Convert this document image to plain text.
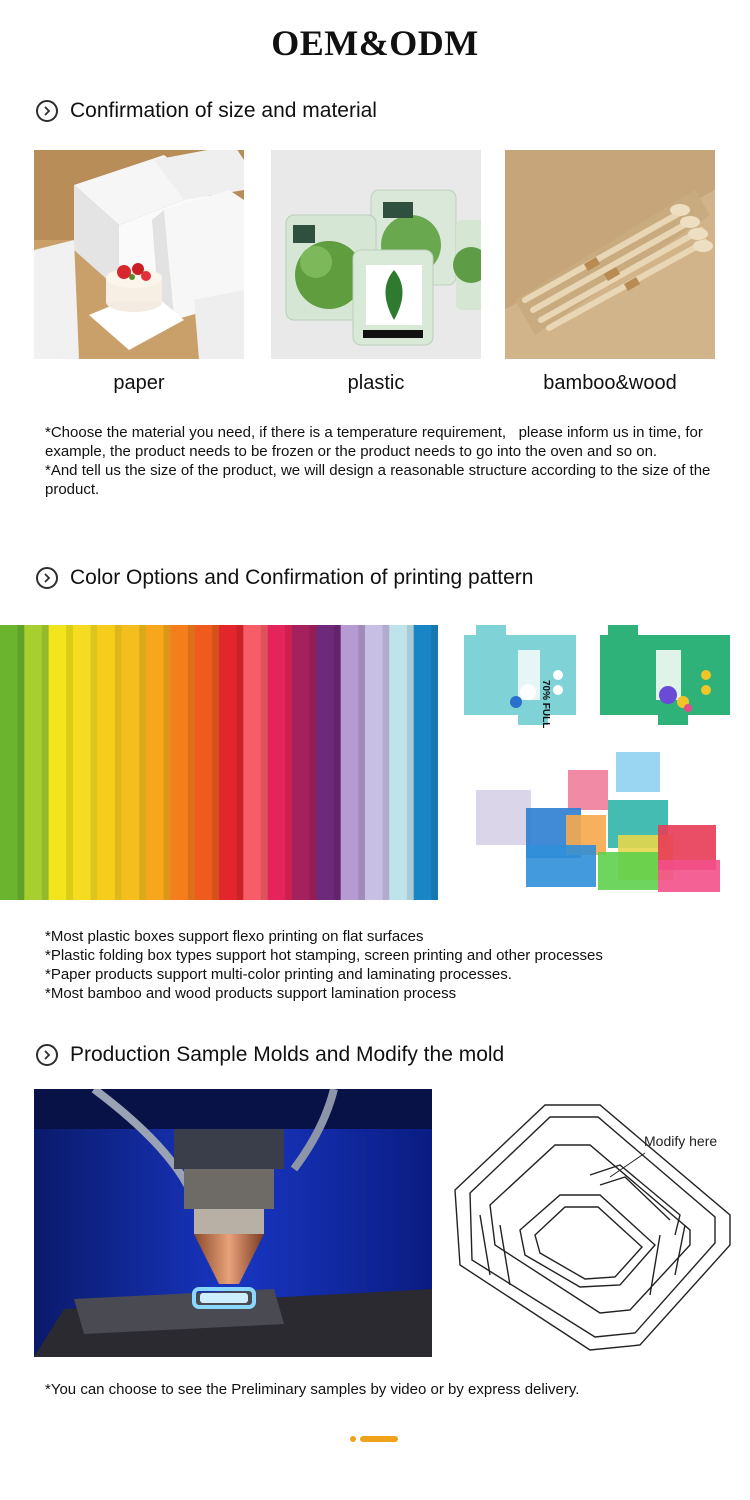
OEM&ODM
Confirmation of size and material
paper	plastic	bamboo&wood

*Choose the material you need, if there is a temperature requirement,   please inform us in time, for example, the product needs to be frozen or the product needs to go into the oven and so on.

*And tell us the size of the product, we will design a reasonable structure according to the size of the product.

Color Options and Confirmation of printing pattern
70% FULL

*Most plastic boxes support flexo printing on flat surfaces

*Plastic folding box types support hot stamping, screen printing and other processes

*Paper products support multi-color printing and laminating processes.

*Most bamboo and wood products support lamination process

Production Sample Molds and Modify the mold
Modify here
*You can choose to see the Preliminary samples by video or by express delivery.
